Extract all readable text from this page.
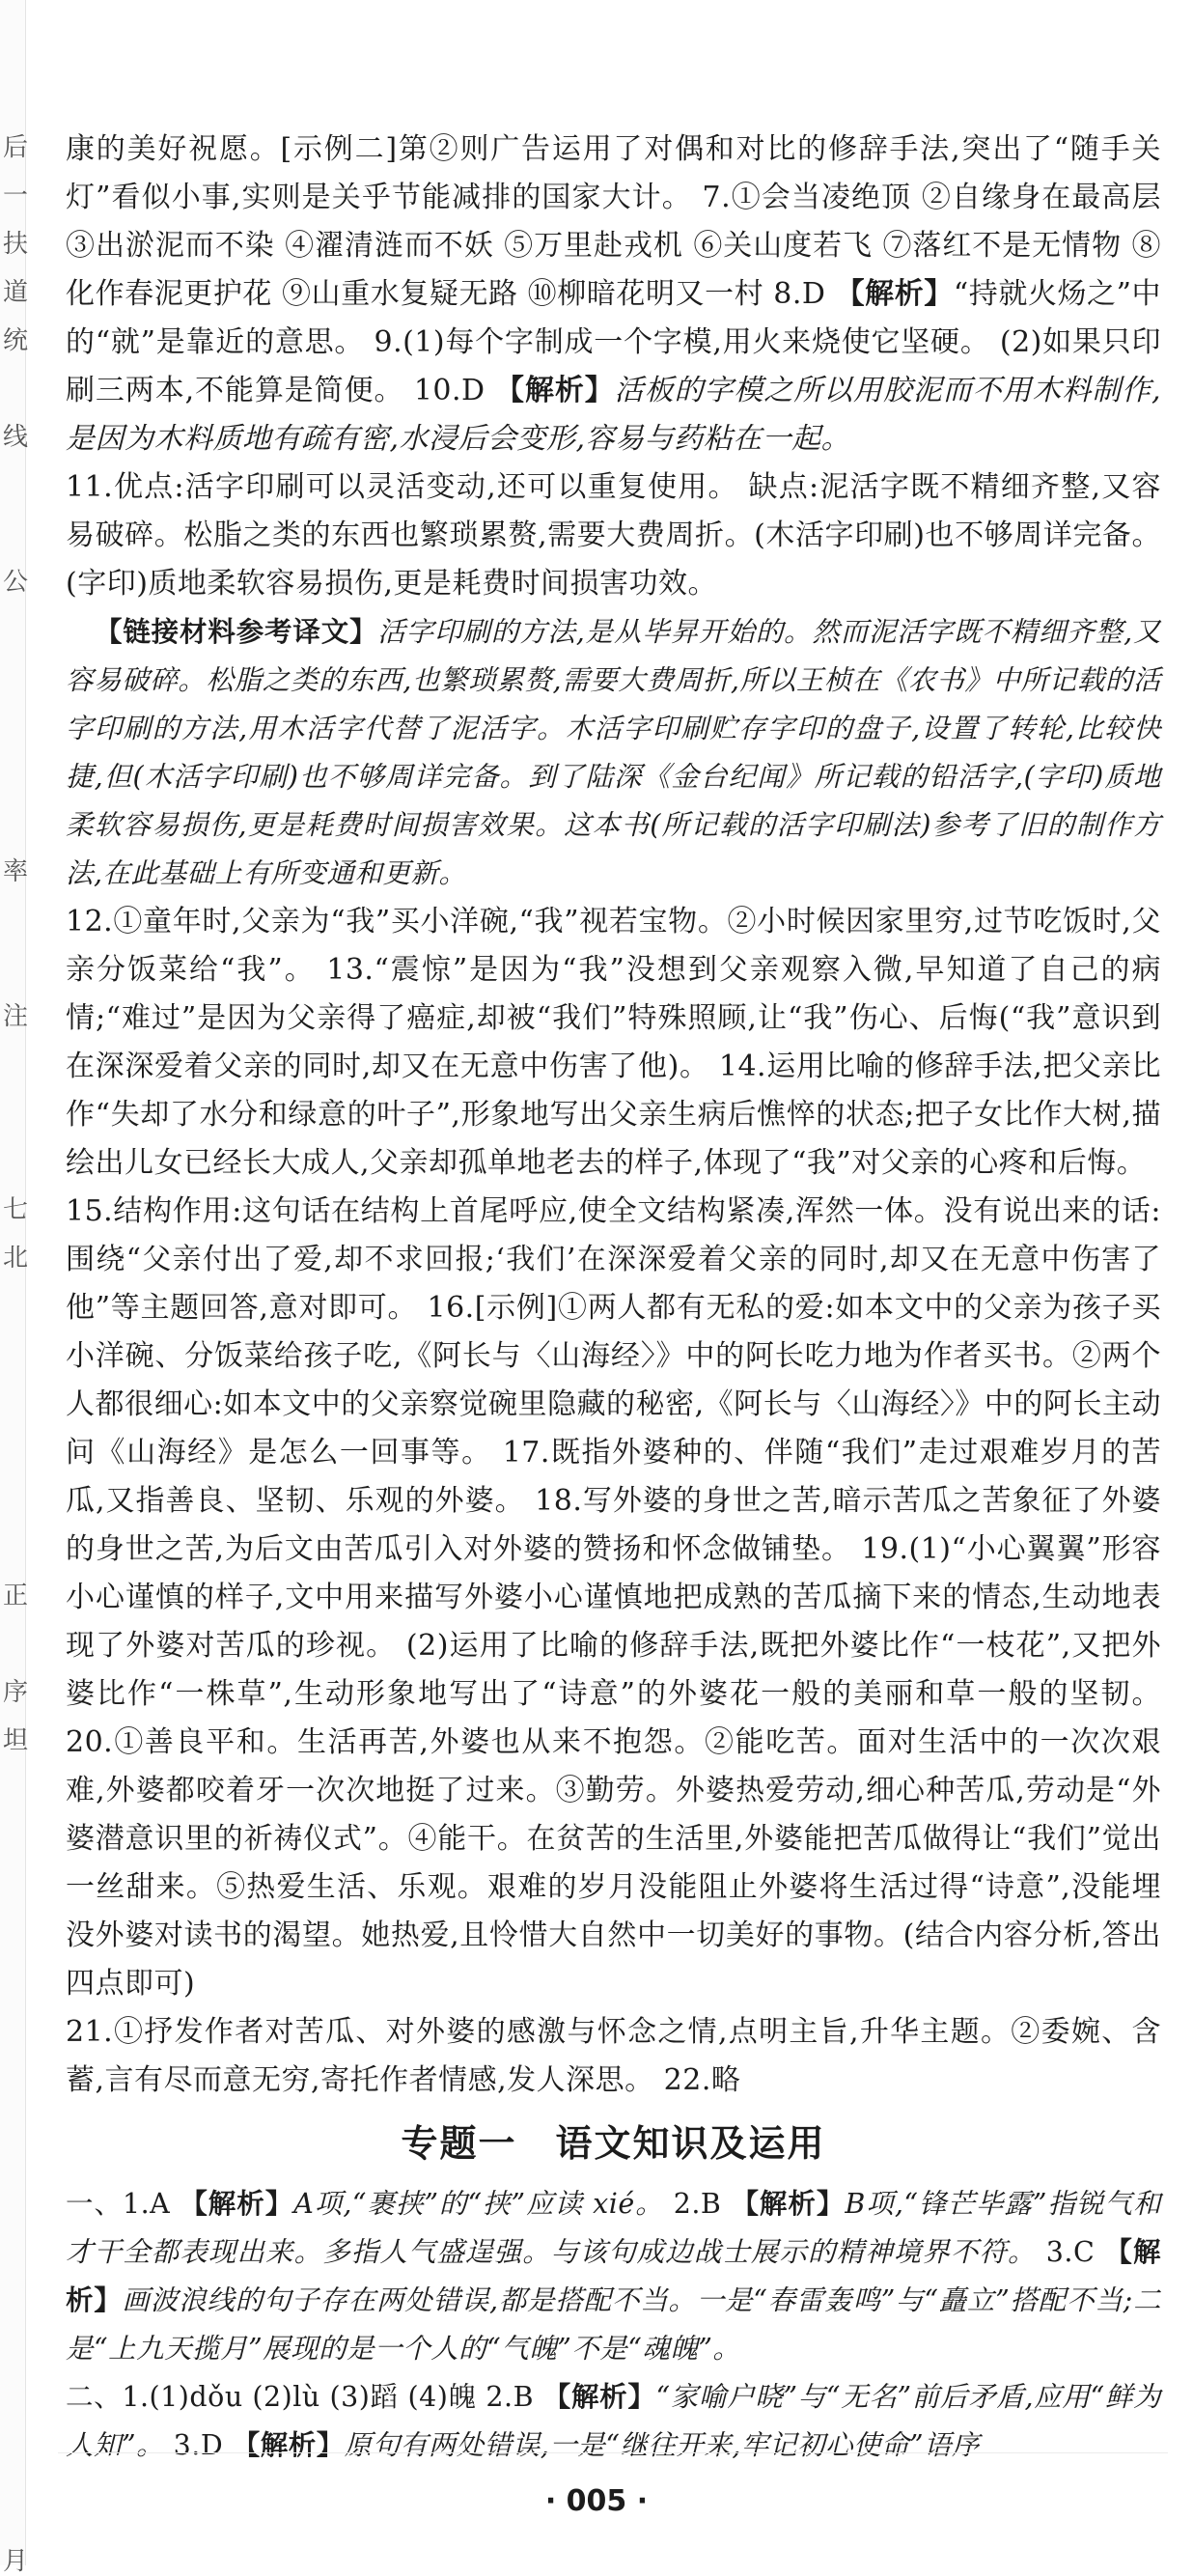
后
一
扶
道
统
线
公
率
注
七
北
正
序
坦
月

康的美好祝愿。[示例二]第②则广告运用了对偶和对比的修辞手法,突出了“随手关灯”看似小事,实则是关乎节能减排的国家大计。 7.①会当凌绝顶 ②自缘身在最高层 ③出淤泥而不染 ④濯清涟而不妖 ⑤万里赴戎机 ⑥关山度若飞 ⑦落红不是无情物 ⑧化作春泥更护花 ⑨山重水复疑无路 ⑩柳暗花明又一村 8.D 【解析】“持就火炀之”中的“就”是靠近的意思。 9.(1)每个字制成一个字模,用火来烧使它坚硬。 (2)如果只印刷三两本,不能算是简便。 10.D 【解析】活板的字模之所以用胶泥而不用木料制作,是因为木料质地有疏有密,水浸后会变形,容易与药粘在一起。

11.优点:活字印刷可以灵活变动,还可以重复使用。 缺点:泥活字既不精细齐整,又容易破碎。松脂之类的东西也繁琐累赘,需要大费周折。(木活字印刷)也不够周详完备。(字印)质地柔软容易损伤,更是耗费时间损害功效。

【链接材料参考译文】活字印刷的方法,是从毕昇开始的。然而泥活字既不精细齐整,又容易破碎。松脂之类的东西,也繁琐累赘,需要大费周折,所以王桢在《农书》中所记载的活字印刷的方法,用木活字代替了泥活字。木活字印刷贮存字印的盘子,设置了转轮,比较快捷,但(木活字印刷)也不够周详完备。到了陆深《金台纪闻》所记载的铅活字,(字印)质地柔软容易损伤,更是耗费时间损害效果。这本书(所记载的活字印刷法)参考了旧的制作方法,在此基础上有所变通和更新。

12.①童年时,父亲为“我”买小洋碗,“我”视若宝物。②小时候因家里穷,过节吃饭时,父亲分饭菜给“我”。 13.“震惊”是因为“我”没想到父亲观察入微,早知道了自己的病情;“难过”是因为父亲得了癌症,却被“我们”特殊照顾,让“我”伤心、后悔(“我”意识到在深深爱着父亲的同时,却又在无意中伤害了他)。 14.运用比喻的修辞手法,把父亲比作“失却了水分和绿意的叶子”,形象地写出父亲生病后憔悴的状态;把子女比作大树,描绘出儿女已经长大成人,父亲却孤单地老去的样子,体现了“我”对父亲的心疼和后悔。

15.结构作用:这句话在结构上首尾呼应,使全文结构紧凑,浑然一体。没有说出来的话:围绕“父亲付出了爱,却不求回报;‘我们’在深深爱着父亲的同时,却又在无意中伤害了他”等主题回答,意对即可。 16.[示例]①两人都有无私的爱:如本文中的父亲为孩子买小洋碗、分饭菜给孩子吃,《阿长与〈山海经〉》中的阿长吃力地为作者买书。②两个人都很细心:如本文中的父亲察觉碗里隐藏的秘密,《阿长与〈山海经〉》中的阿长主动问《山海经》是怎么一回事等。 17.既指外婆种的、伴随“我们”走过艰难岁月的苦瓜,又指善良、坚韧、乐观的外婆。 18.写外婆的身世之苦,暗示苦瓜之苦象征了外婆的身世之苦,为后文由苦瓜引入对外婆的赞扬和怀念做铺垫。 19.(1)“小心翼翼”形容小心谨慎的样子,文中用来描写外婆小心谨慎地把成熟的苦瓜摘下来的情态,生动地表现了外婆对苦瓜的珍视。 (2)运用了比喻的修辞手法,既把外婆比作“一枝花”,又把外婆比作“一株草”,生动形象地写出了“诗意”的外婆花一般的美丽和草一般的坚韧。 20.①善良平和。生活再苦,外婆也从来不抱怨。②能吃苦。面对生活中的一次次艰难,外婆都咬着牙一次次地挺了过来。③勤劳。外婆热爱劳动,细心种苦瓜,劳动是“外婆潜意识里的祈祷仪式”。④能干。在贫苦的生活里,外婆能把苦瓜做得让“我们”觉出一丝甜来。⑤热爱生活、乐观。艰难的岁月没能阻止外婆将生活过得“诗意”,没能埋没外婆对读书的渴望。她热爱,且怜惜大自然中一切美好的事物。(结合内容分析,答出四点即可)

21.①抒发作者对苦瓜、对外婆的感激与怀念之情,点明主旨,升华主题。②委婉、含蓄,言有尽而意无穷,寄托作者情感,发人深思。 22.略

专题一　语文知识及运用

一、1.A 【解析】A项,“裹挟”的“挟”应读 xié。 2.B 【解析】B项,“锋芒毕露”指锐气和才干全都表现出来。多指人气盛逞强。与该句成边战士展示的精神境界不符。 3.C 【解析】画波浪线的句子存在两处错误,都是搭配不当。一是“春雷轰鸣”与“矗立”搭配不当;二是“上九天揽月”展现的是一个人的“气魄”不是“魂魄”。

二、1.(1)dǒu (2)lù (3)蹈 (4)魄 2.B 【解析】“家喻户晓”与“无名”前后矛盾,应用“鲜为人知”。 3.D 【解析】原句有两处错误,一是“继往开来,牢记初心使命”语序

· 005 ·
